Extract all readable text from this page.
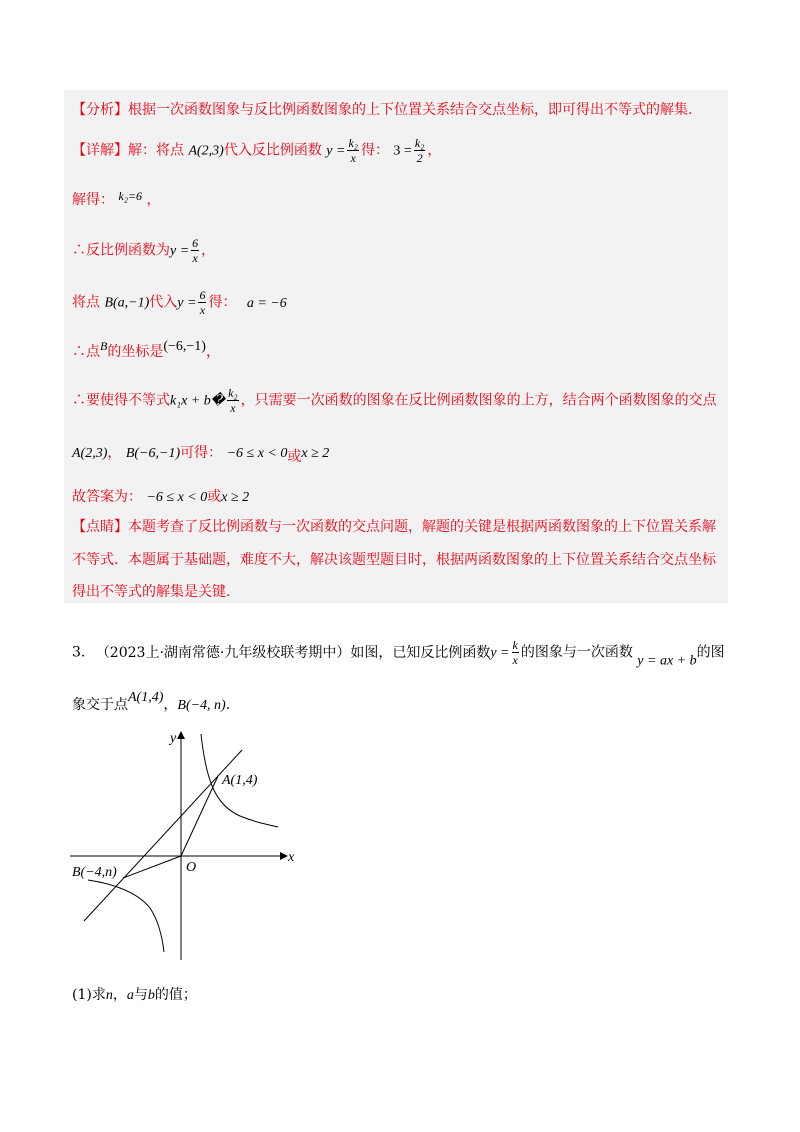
【分析】根据一次函数图象与反比例函数图象的上下位置关系结合交点坐标，即可得出不等式的解集.
【详解】解：将点 A(2,3)代入反比例函数 $y = \frac{\text{k₂}}{x}$ 得： $3 = \frac{\text{k₂}}{2}$ ，
解得： k₂=6 ，
∴反比例函数为$y = \frac{6}{x}$ ，
将点 B(a,−1)代入$y = \frac{6}{x}$ 得： a = −6
∴点B的坐标是(−6,−1)，
∴要使得不等式k₁x + b� $\frac{\text{k₂}}{x}$ ，只需要一次函数的图象在反比例函数图象的上方，结合两个函数图象的交点
A(2,3)， B(−6,−1)可得： −6 ≤ x < 0或x ≥ 2
故答案为： −6 ≤ x < 0或x ≥ 2
【点睛】本题考查了反比例函数与一次函数的交点问题，解题的关键是根据两函数图象的上下位置关系解
不等式．本题属于基础题，难度不大，解决该题型题目时，根据两函数图象的上下位置关系结合交点坐标
得出不等式的解集是关键.
3. （2023上·湖南常德·九年级校联考期中）如图，已知反比例函数$y = \frac{k}{x}$ 的图象与一次函数 y = ax + b的图
象交于点A(1,4)，B(−4, n).
y
x
O
A(1,4)
B(−4,n)
(1)求n，a与b的值；
